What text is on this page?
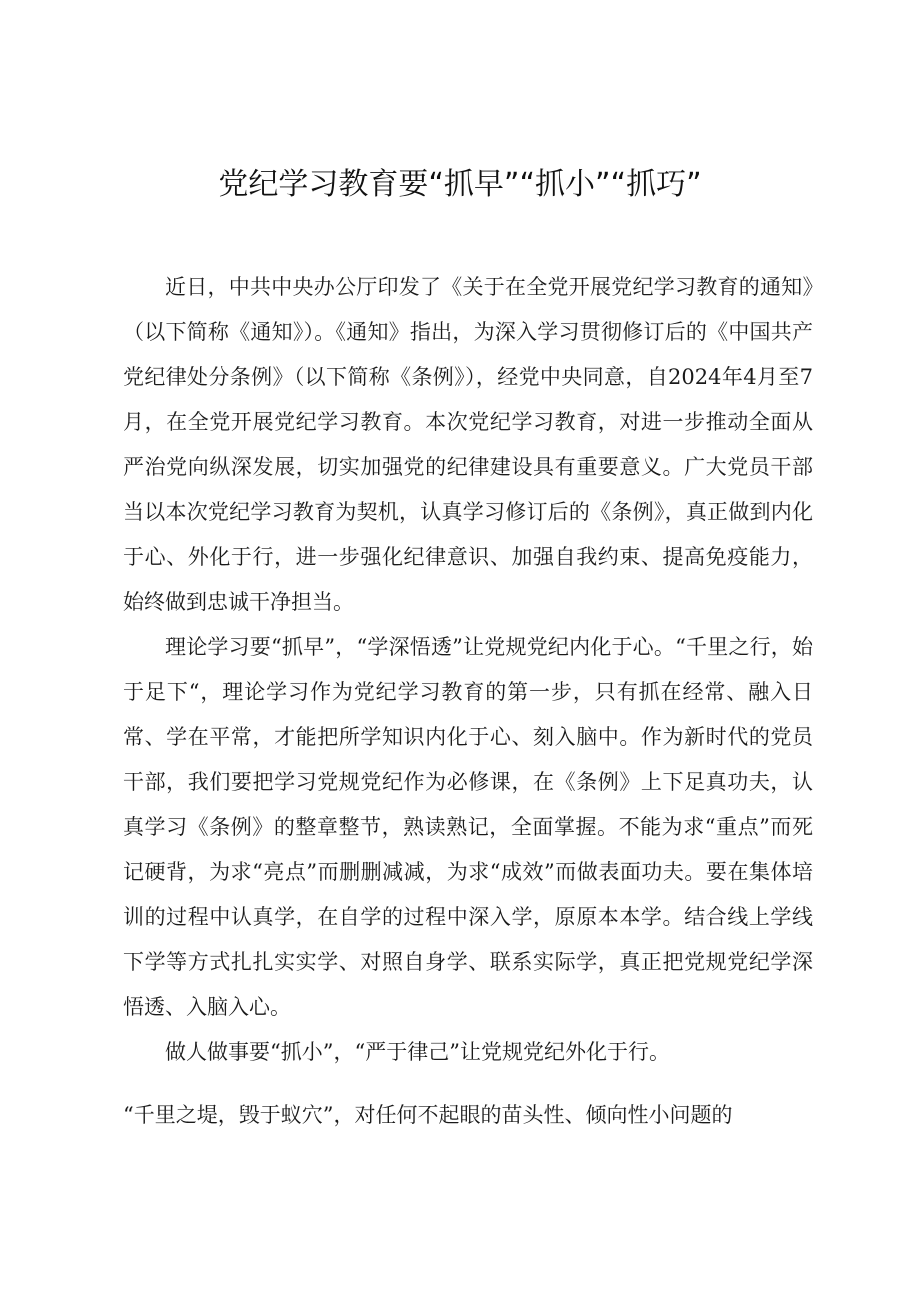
党纪学习教育要“抓早”“抓小”“抓巧”

近日，中共中央办公厅印发了《关于在全党开展党纪学习教育的通知》（以下简称《通知》）。《通知》指出，为深入学习贯彻修订后的《中国共产党纪律处分条例》（以下简称《条例》），经党中央同意，自2024年4月至7月，在全党开展党纪学习教育。本次党纪学习教育，对进一步推动全面从严治党向纵深发展，切实加强党的纪律建设具有重要意义。广大党员干部当以本次党纪学习教育为契机，认真学习修订后的《条例》，真正做到内化于心、外化于行，进一步强化纪律意识、加强自我约束、提高免疫能力，始终做到忠诚干净担当。

理论学习要“抓早”，“学深悟透”让党规党纪内化于心。“千里之行，始于足下“，理论学习作为党纪学习教育的第一步，只有抓在经常、融入日常、学在平常，才能把所学知识内化于心、刻入脑中。作为新时代的党员干部，我们要把学习党规党纪作为必修课，在《条例》上下足真功夫，认真学习《条例》的整章整节，熟读熟记，全面掌握。不能为求“重点”而死记硬背，为求“亮点”而删删减减，为求“成效”而做表面功夫。要在集体培训的过程中认真学，在自学的过程中深入学，原原本本学。结合线上学线下学等方式扎扎实实学、对照自身学、联系实际学，真正把党规党纪学深悟透、入脑入心。

做人做事要“抓小”，“严于律己”让党规党纪外化于行。

“千里之堤，毁于蚁穴”，对任何不起眼的苗头性、倾向性小问题的
